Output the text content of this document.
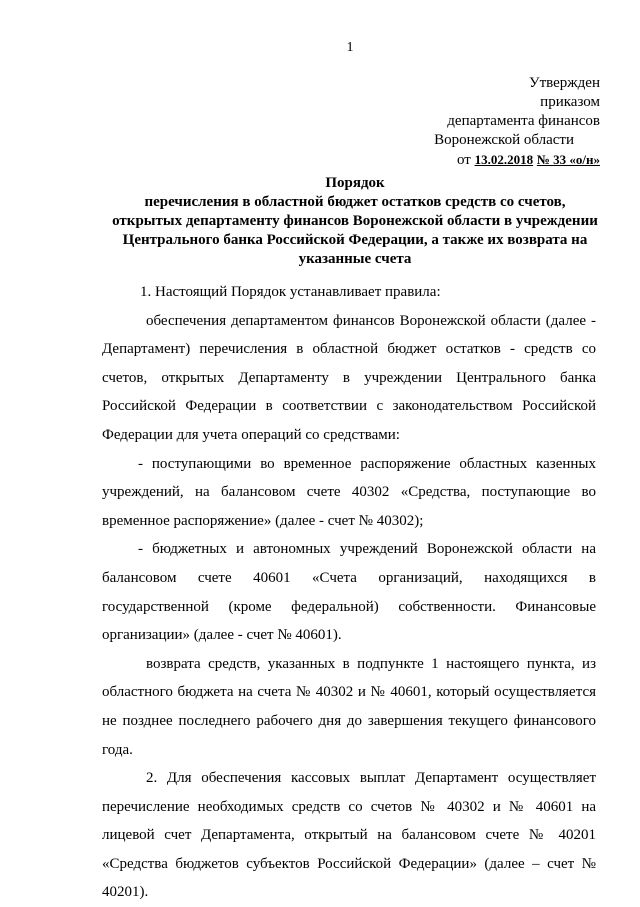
1
Утвержден
приказом
департамента финансов
Воронежской области
от 13.02.2018 № 33 «о/н»
Порядок
перечисления в областной бюджет остатков средств со счетов,
открытых департаменту финансов Воронежской области в учреждении
Центрального банка Российской Федерации, а также их возврата на
указанные счета

1. Настоящий Порядок устанавливает правила:

обеспечения департаментом финансов Воронежской области (далее - Департамент) перечисления в областной бюджет остатков - средств со счетов, открытых Департаменту в учреждении Центрального банка Российской Федерации в соответствии с законодательством Российской Федерации для учета операций со средствами:

- поступающими во временное распоряжение областных казенных учреждений, на балансовом счете 40302 «Средства, поступающие во временное распоряжение» (далее - счет № 40302);

- бюджетных и автономных учреждений Воронежской области на балансовом счете 40601 «Счета организаций, находящихся в государственной (кроме федеральной) собственности. Финансовые организации» (далее - счет № 40601).

возврата средств, указанных в подпункте 1 настоящего пункта, из областного бюджета на счета № 40302 и № 40601, который осуществляется не позднее последнего рабочего дня до завершения текущего финансового года.

2. Для обеспечения кассовых выплат Департамент осуществляет перечисление необходимых средств со счетов № 40302 и № 40601 на лицевой счет Департамента, открытый на балансовом счете № 40201 «Средства бюджетов субъектов Российской Федерации» (далее – счет № 40201).
